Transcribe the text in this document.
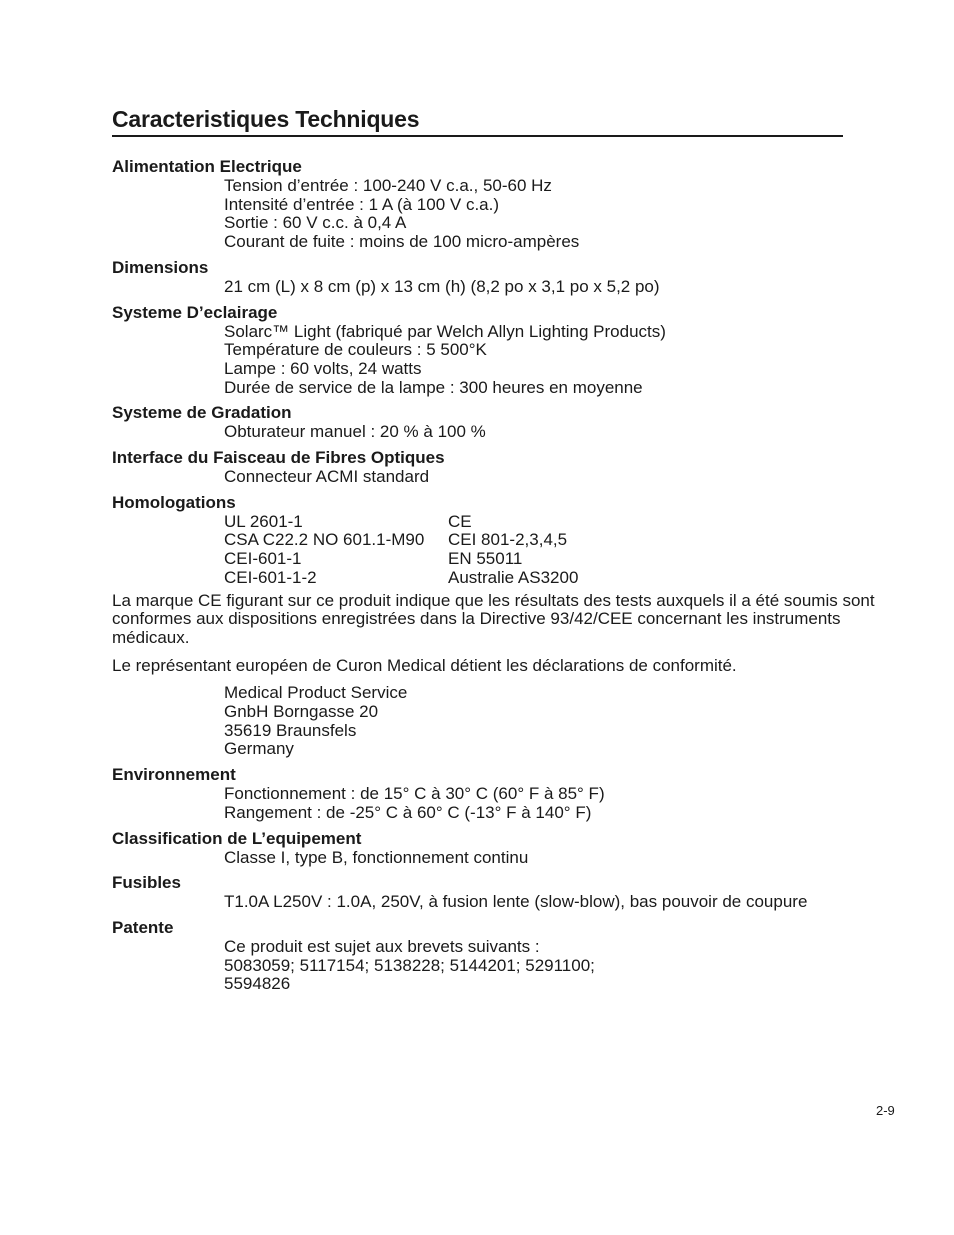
Caracteristiques Techniques
Alimentation Electrique
Tension d’entrée : 100-240 V c.a., 50-60 Hz
Intensité d’entrée : 1 A (à 100 V c.a.)
Sortie : 60 V c.c. à 0,4 A
Courant de fuite : moins de 100 micro-ampères
Dimensions
21 cm (L) x 8 cm (p) x 13 cm (h) (8,2 po x 3,1 po x 5,2 po)
Systeme D’eclairage
Solarc™ Light (fabriqué par Welch Allyn Lighting Products)
Température de couleurs : 5 500°K
Lampe : 60 volts, 24 watts
Durée de service de la lampe : 300 heures en moyenne
Systeme de Gradation
Obturateur manuel : 20 % à 100 %
Interface du Faisceau de Fibres Optiques
Connecteur ACMI standard
Homologations
UL 2601-1	CE
CSA C22.2 NO 601.1-M90	CEI 801-2,3,4,5
CEI-601-1	EN 55011
CEI-601-1-2	Australie AS3200

La marque CE figurant sur ce produit indique que les résultats des tests auxquels il a été soumis sont conformes aux dispositions enregistrées dans la Directive 93/42/CEE concernant les instruments médicaux.

Le représentant européen de Curon Medical détient les déclarations de conformité.

Medical Product Service
GnbH Borngasse 20
35619 Braunsfels
Germany
Environnement
Fonctionnement : de 15° C à 30° C (60° F à 85° F)
Rangement : de -25° C à 60° C (-13° F à 140° F)
Classification de L’equipement
Classe I, type B, fonctionnement continu
Fusibles
T1.0A L250V : 1.0A, 250V, à fusion lente (slow-blow), bas pouvoir de coupure
Patente
Ce produit est sujet aux brevets suivants :
5083059; 5117154; 5138228; 5144201; 5291100;
5594826
2-9
